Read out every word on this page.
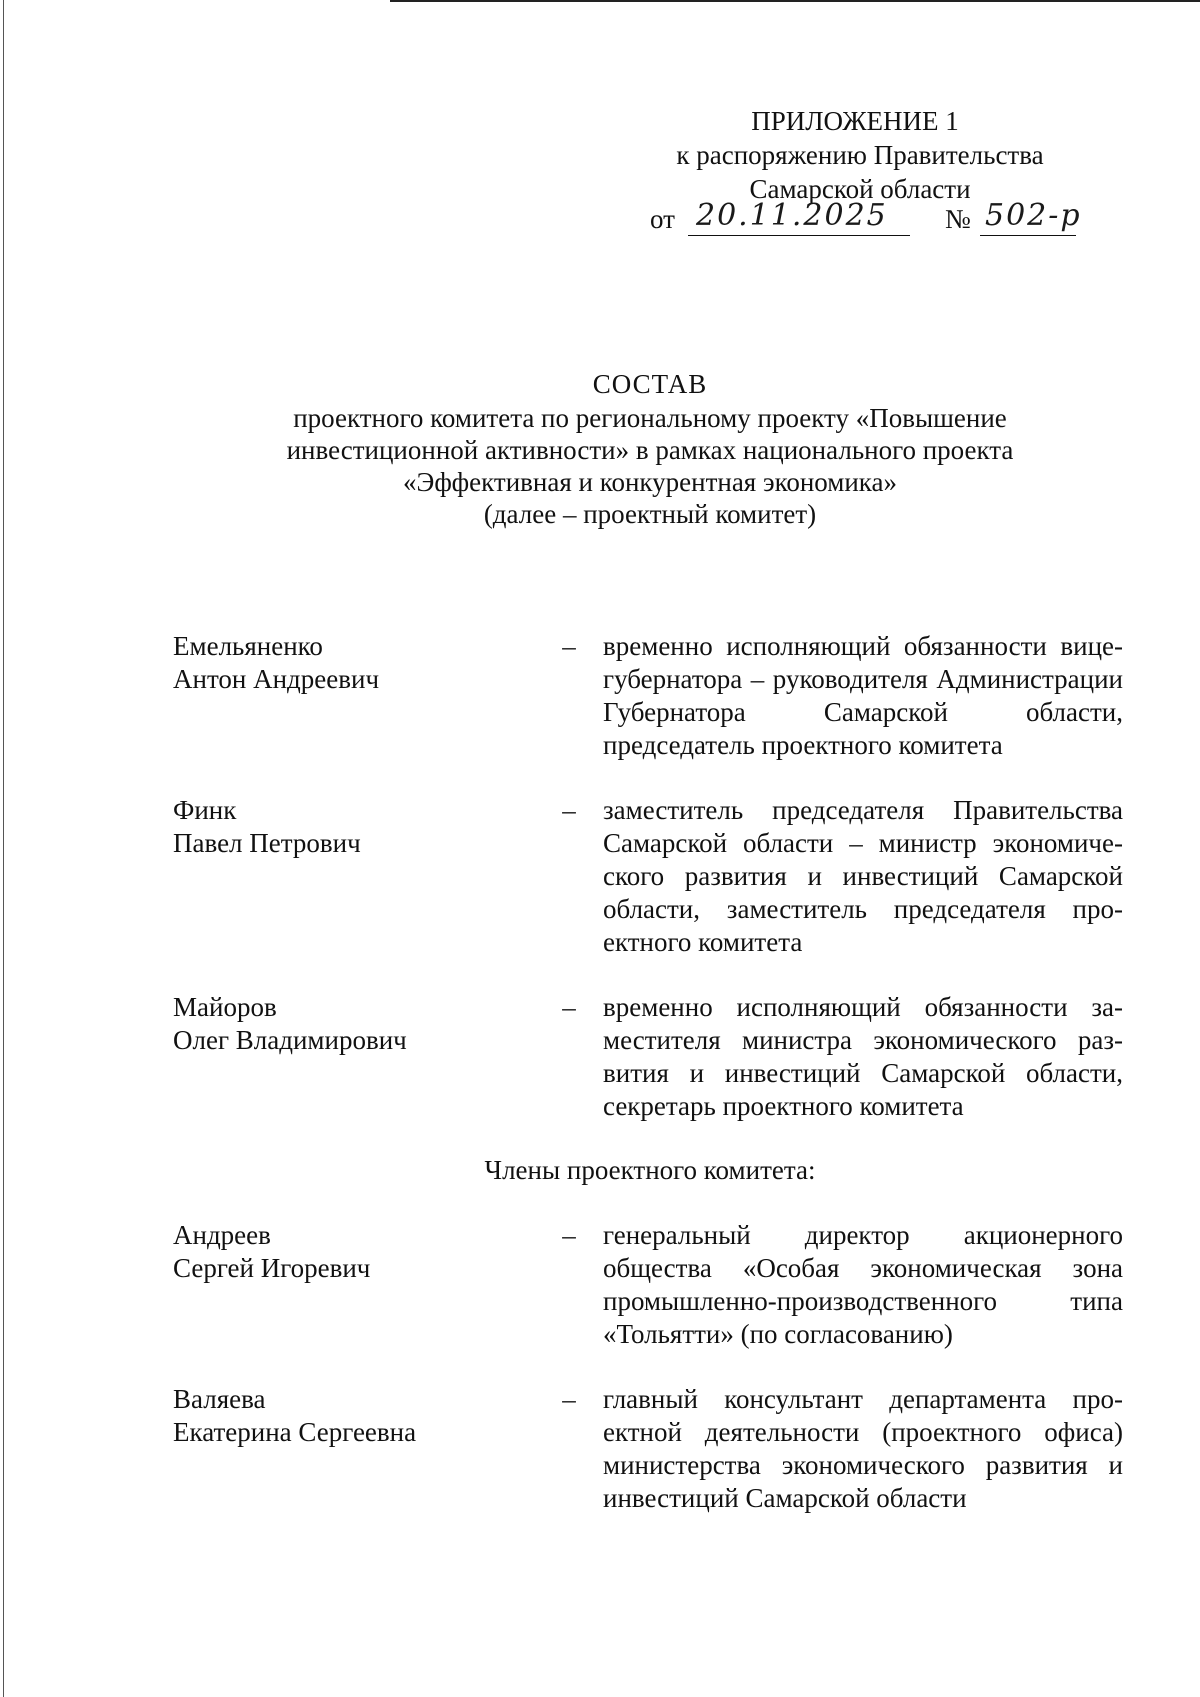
ПРИЛОЖЕНИЕ 1
к распоряжению Правительства
Самарской области
от 20.11.2025 № 502-р
СОСТАВ
проектного комитета по региональному проекту «Повышение
инвестиционной активности» в рамках национального проекта
«Эффективная и конкурентная экономика»
(далее – проектный комитет)
Емельяненко
Антон Андреевич
–	временно исполняющий обязанности вице-губернатора – руководителя Администрации Губернатора Самарской области, председатель проектного комитета
Финк
Павел Петрович
–	заместитель председателя Правительства Самарской области – министр экономического развития и инвестиций Самарской области, заместитель председателя проектного комитета
Майоров
Олег Владимирович
–	временно исполняющий обязанности заместителя министра экономического развития и инвестиций Самарской области, секретарь проектного комитета
Члены проектного комитета:
Андреев
Сергей Игоревич
–	генеральный директор акционерного общества «Особая экономическая зона промышленно-производственного типа «Тольятти» (по согласованию)
Валяева
Екатерина Сергеевна
–	главный консультант департамента проектной деятельности (проектного офиса) министерства экономического развития и инвестиций Самарской области
